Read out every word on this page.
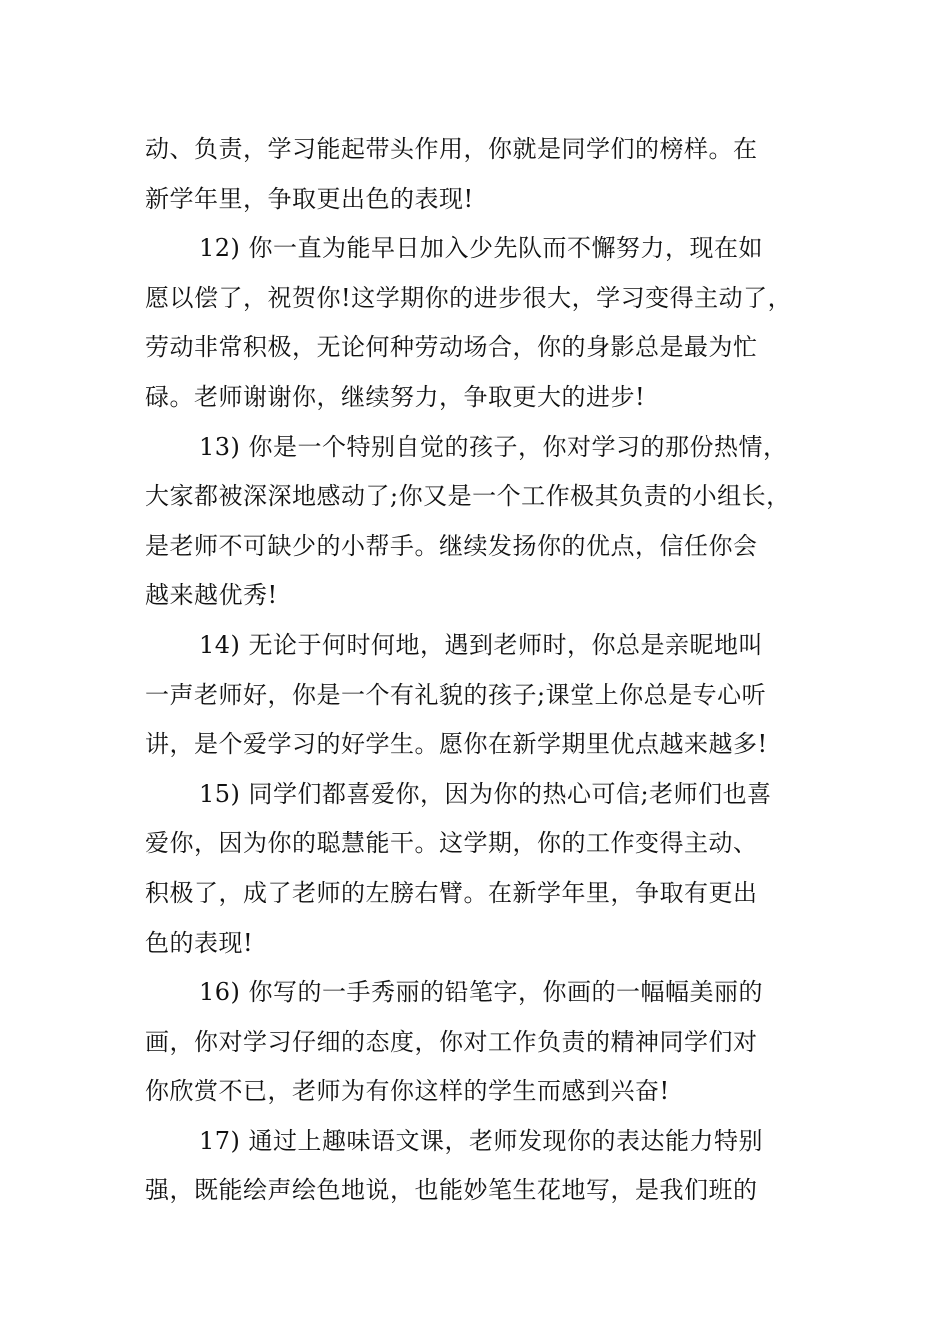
动、负责，学习能起带头作用，你就是同学们的榜样。在
新学年里，争取更出色的表现!
12) 你一直为能早日加入少先队而不懈努力，现在如
愿以偿了，祝贺你!这学期你的进步很大，学习变得主动了，
劳动非常积极，无论何种劳动场合，你的身影总是最为忙
碌。老师谢谢你，继续努力，争取更大的进步!
13) 你是一个特别自觉的孩子，你对学习的那份热情，
大家都被深深地感动了;你又是一个工作极其负责的小组长，
是老师不可缺少的小帮手。继续发扬你的优点，信任你会
越来越优秀!
14) 无论于何时何地，遇到老师时，你总是亲昵地叫
一声老师好，你是一个有礼貌的孩子;课堂上你总是专心听
讲，是个爱学习的好学生。愿你在新学期里优点越来越多!
15) 同学们都喜爱你，因为你的热心可信;老师们也喜
爱你，因为你的聪慧能干。这学期，你的工作变得主动、
积极了，成了老师的左膀右臂。在新学年里，争取有更出
色的表现!
16) 你写的一手秀丽的铅笔字，你画的一幅幅美丽的
画，你对学习仔细的态度，你对工作负责的精神同学们对
你欣赏不已，老师为有你这样的学生而感到兴奋!
17) 通过上趣味语文课，老师发现你的表达能力特别
强，既能绘声绘色地说，也能妙笔生花地写，是我们班的
